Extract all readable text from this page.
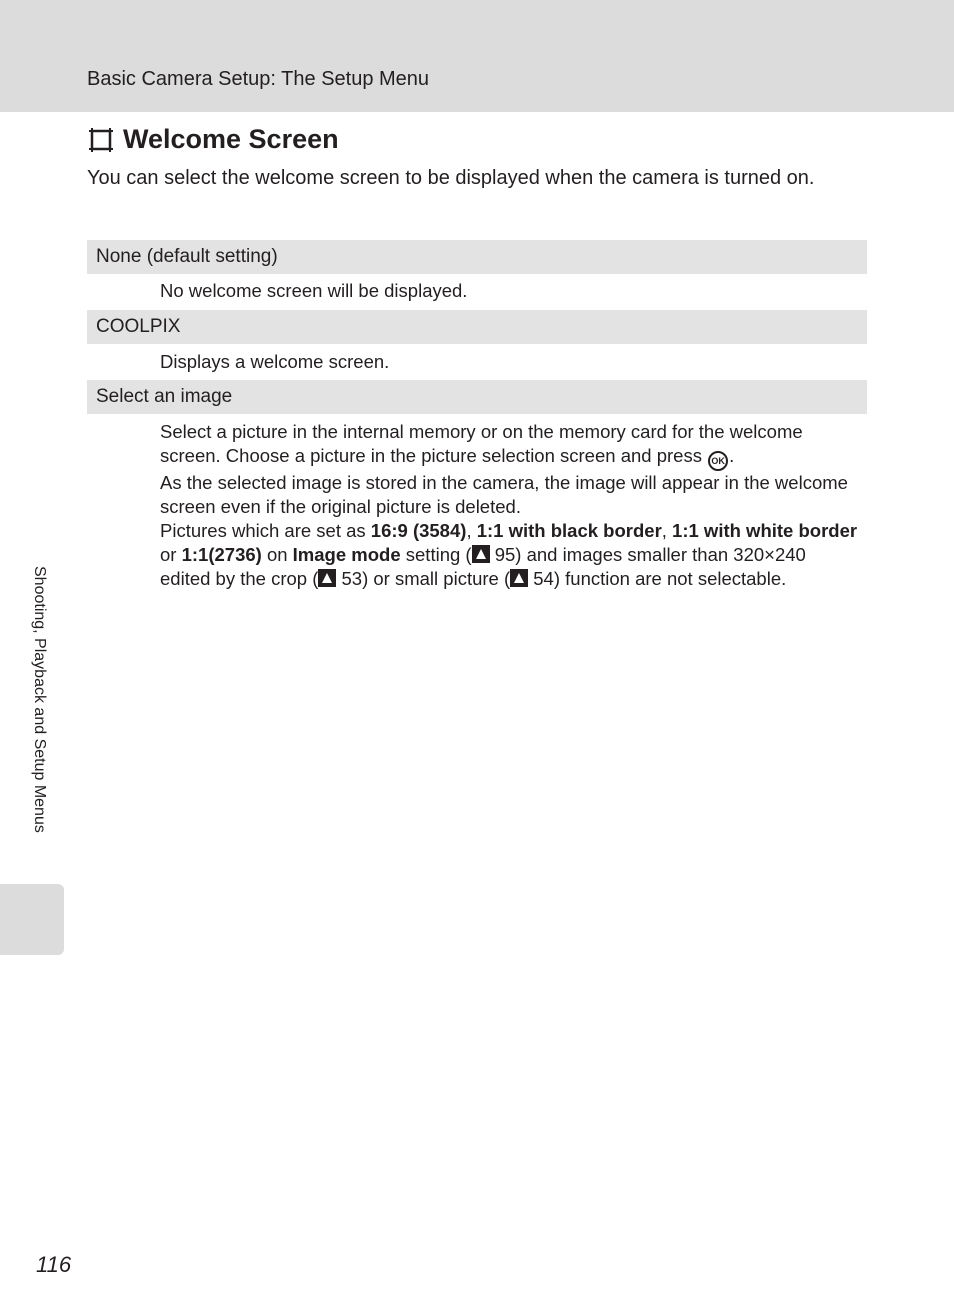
Basic Camera Setup: The Setup Menu
Welcome Screen
You can select the welcome screen to be displayed when the camera is turned on.
None (default setting)
No welcome screen will be displayed.
COOLPIX
Displays a welcome screen.
Select an image
Select a picture in the internal memory or on the memory card for the welcome screen. Choose a picture in the picture selection screen and press OK .
As the selected image is stored in the camera, the image will appear in the welcome screen even if the original picture is deleted.
Pictures which are set as 16:9 (3584), 1:1 with black border, 1:1 with white border or 1:1(2736) on Image mode setting ( 95) and images smaller than 320×240 edited by the crop ( 53) or small picture ( 54) function are not selectable.
Shooting, Playback and Setup Menus
116
